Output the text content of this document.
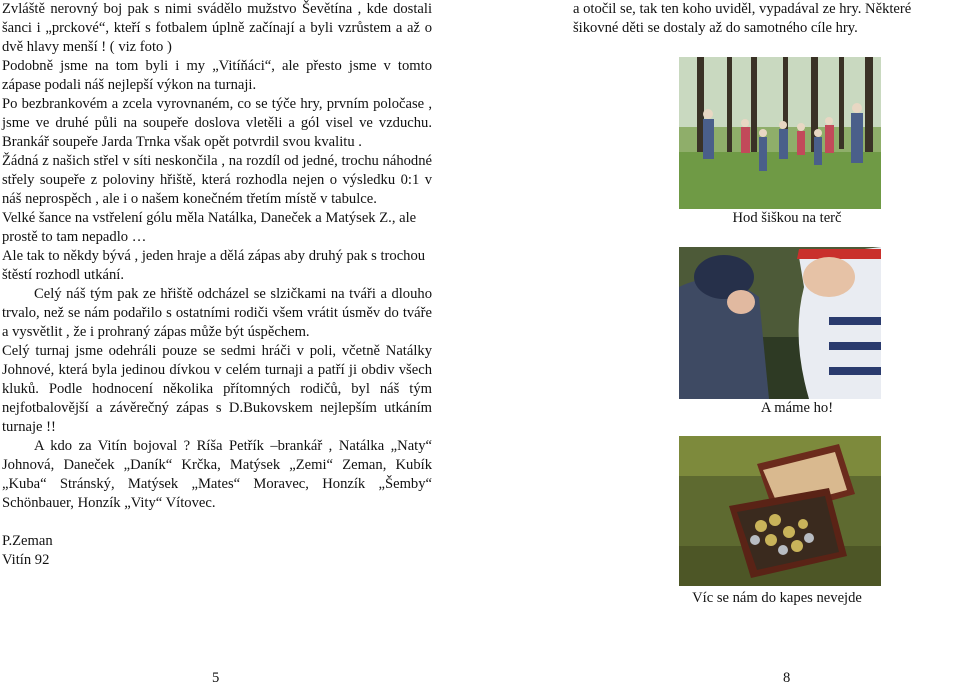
Zvláště nerovný boj pak s nimi svádělo mužstvo Ševětína , kde dostali šanci i „prckové“, kteří s fotbalem úplně začínají a byli vzrůstem a až o dvě hlavy menší ! ( viz foto )

Podobně jsme na tom byli i my „Vitíňáci“, ale přesto jsme v tomto zápase podali náš nejlepší výkon na turnaji.

Po bezbrankovém a zcela vyrovnaném, co se týče hry, prvním poločase , jsme ve druhé půli na soupeře doslova vletěli a gól visel ve vzduchu. Brankář soupeře Jarda Trnka však opět potvrdil svou kvalitu .

Žádná z našich střel v síti neskončila , na rozdíl od jedné, trochu náhodné střely soupeře z poloviny hřiště, která rozhodla nejen o výsledku 0:1 v náš neprospěch , ale i o našem konečném třetím místě v tabulce.

Velké šance na vstřelení gólu měla Natálka, Daneček a Matýsek Z., ale prostě to tam nepadlo …

Ale tak to někdy bývá , jeden hraje a dělá zápas aby druhý pak s trochou štěstí rozhodl utkání.

Celý náš tým pak ze hřiště odcházel se slzičkami na tváři a dlouho trvalo, než se nám podařilo s ostatními rodiči všem vrátit úsměv do tváře a vysvětlit , že i prohraný zápas může být úspěchem.

Celý turnaj jsme odehráli pouze se sedmi hráči v poli, včetně Natálky Johnové, která byla jedinou dívkou v celém turnaji a patří ji obdiv všech kluků. Podle hodnocení několika přítomných rodičů, byl náš tým nejfotbalovější a závěrečný zápas s D.Bukovskem nejlepším utkáním turnaje !!

A kdo za Vitín bojoval ? Ríša Petřík –brankář , Natálka „Naty“ Johnová, Daneček „Daník“ Krčka, Matýsek „Zemi“ Zeman, Kubík „Kuba“ Stránský, Matýsek „Mates“ Moravec, Honzík „Šemby“ Schönbauer, Honzík „Vity“ Vítovec.

P.Zeman

Vitín 92

5

a otočil se, tak ten koho uviděl, vypadával ze hry. Některé šikovné děti se dostaly až do samotného cíle hry.

Hod šiškou na terč
A máme ho!
Víc se nám do kapes nevejde
8
